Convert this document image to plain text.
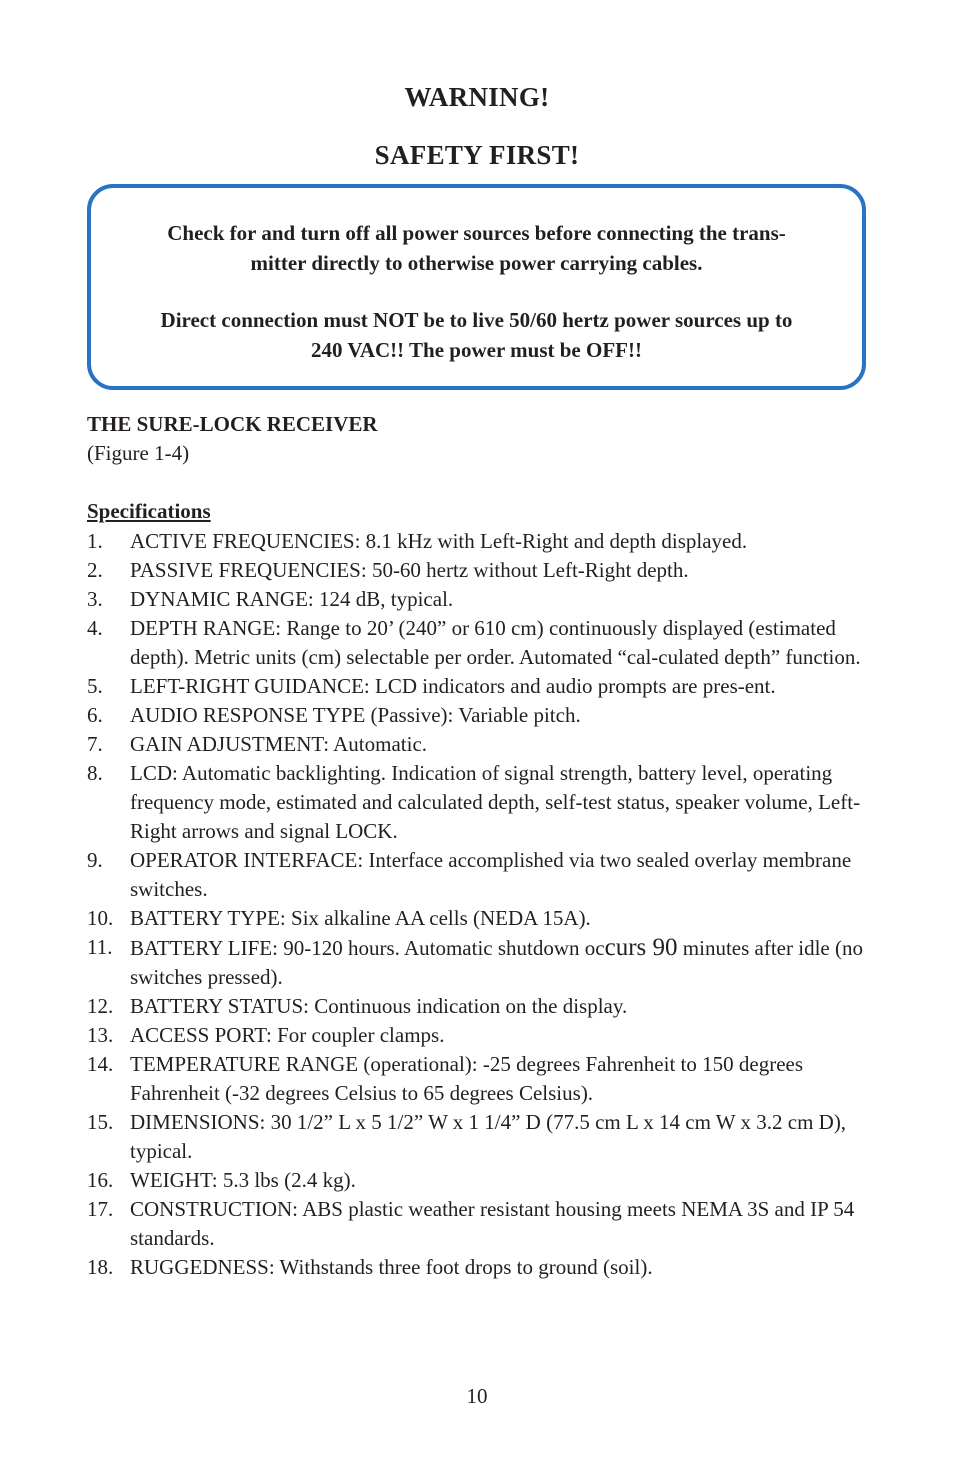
WARNING!
SAFETY FIRST!
Check for and turn off all power sources before connecting the trans-
mitter directly to otherwise power carrying cables.
Direct connection must NOT be to live 50/60 hertz power sources up to
240 VAC!! The power must be OFF!!
THE SURE-LOCK RECEIVER
(Figure 1-4)
Specifications
1. ACTIVE FREQUENCIES: 8.1 kHz with Left-Right and depth displayed.
2. PASSIVE FREQUENCIES: 50-60 hertz without Left-Right depth.
3. DYNAMIC RANGE: 124 dB, typical.
4. DEPTH RANGE: Range to 20’ (240” or 610 cm) continuously displayed (estimated depth). Metric units (cm) selectable per order. Automated “cal-culated depth” function.
5. LEFT-RIGHT GUIDANCE: LCD indicators and audio prompts are pres-ent.
6. AUDIO RESPONSE TYPE (Passive): Variable pitch.
7. GAIN ADJUSTMENT: Automatic.
8. LCD: Automatic backlighting. Indication of signal strength, battery level, operating frequency mode, estimated and calculated depth, self-test status, speaker volume, Left-Right arrows and signal LOCK.
9. OPERATOR INTERFACE: Interface accomplished via two sealed overlay membrane switches.
10. BATTERY TYPE: Six alkaline AA cells (NEDA 15A).
11. BATTERY LIFE: 90-120 hours. Automatic shutdown occurs 90 minutes after idle (no switches pressed).
12. BATTERY STATUS: Continuous indication on the display.
13. ACCESS PORT: For coupler clamps.
14. TEMPERATURE RANGE (operational): -25 degrees Fahrenheit to 150 degrees Fahrenheit (-32 degrees Celsius to 65 degrees Celsius).
15. DIMENSIONS: 30 1/2” L x 5 1/2” W x 1 1/4” D (77.5 cm L x 14 cm W x 3.2 cm D), typical.
16. WEIGHT: 5.3 lbs (2.4 kg).
17. CONSTRUCTION: ABS plastic weather resistant housing meets NEMA 3S and IP 54 standards.
18. RUGGEDNESS: Withstands three foot drops to ground (soil).
10
